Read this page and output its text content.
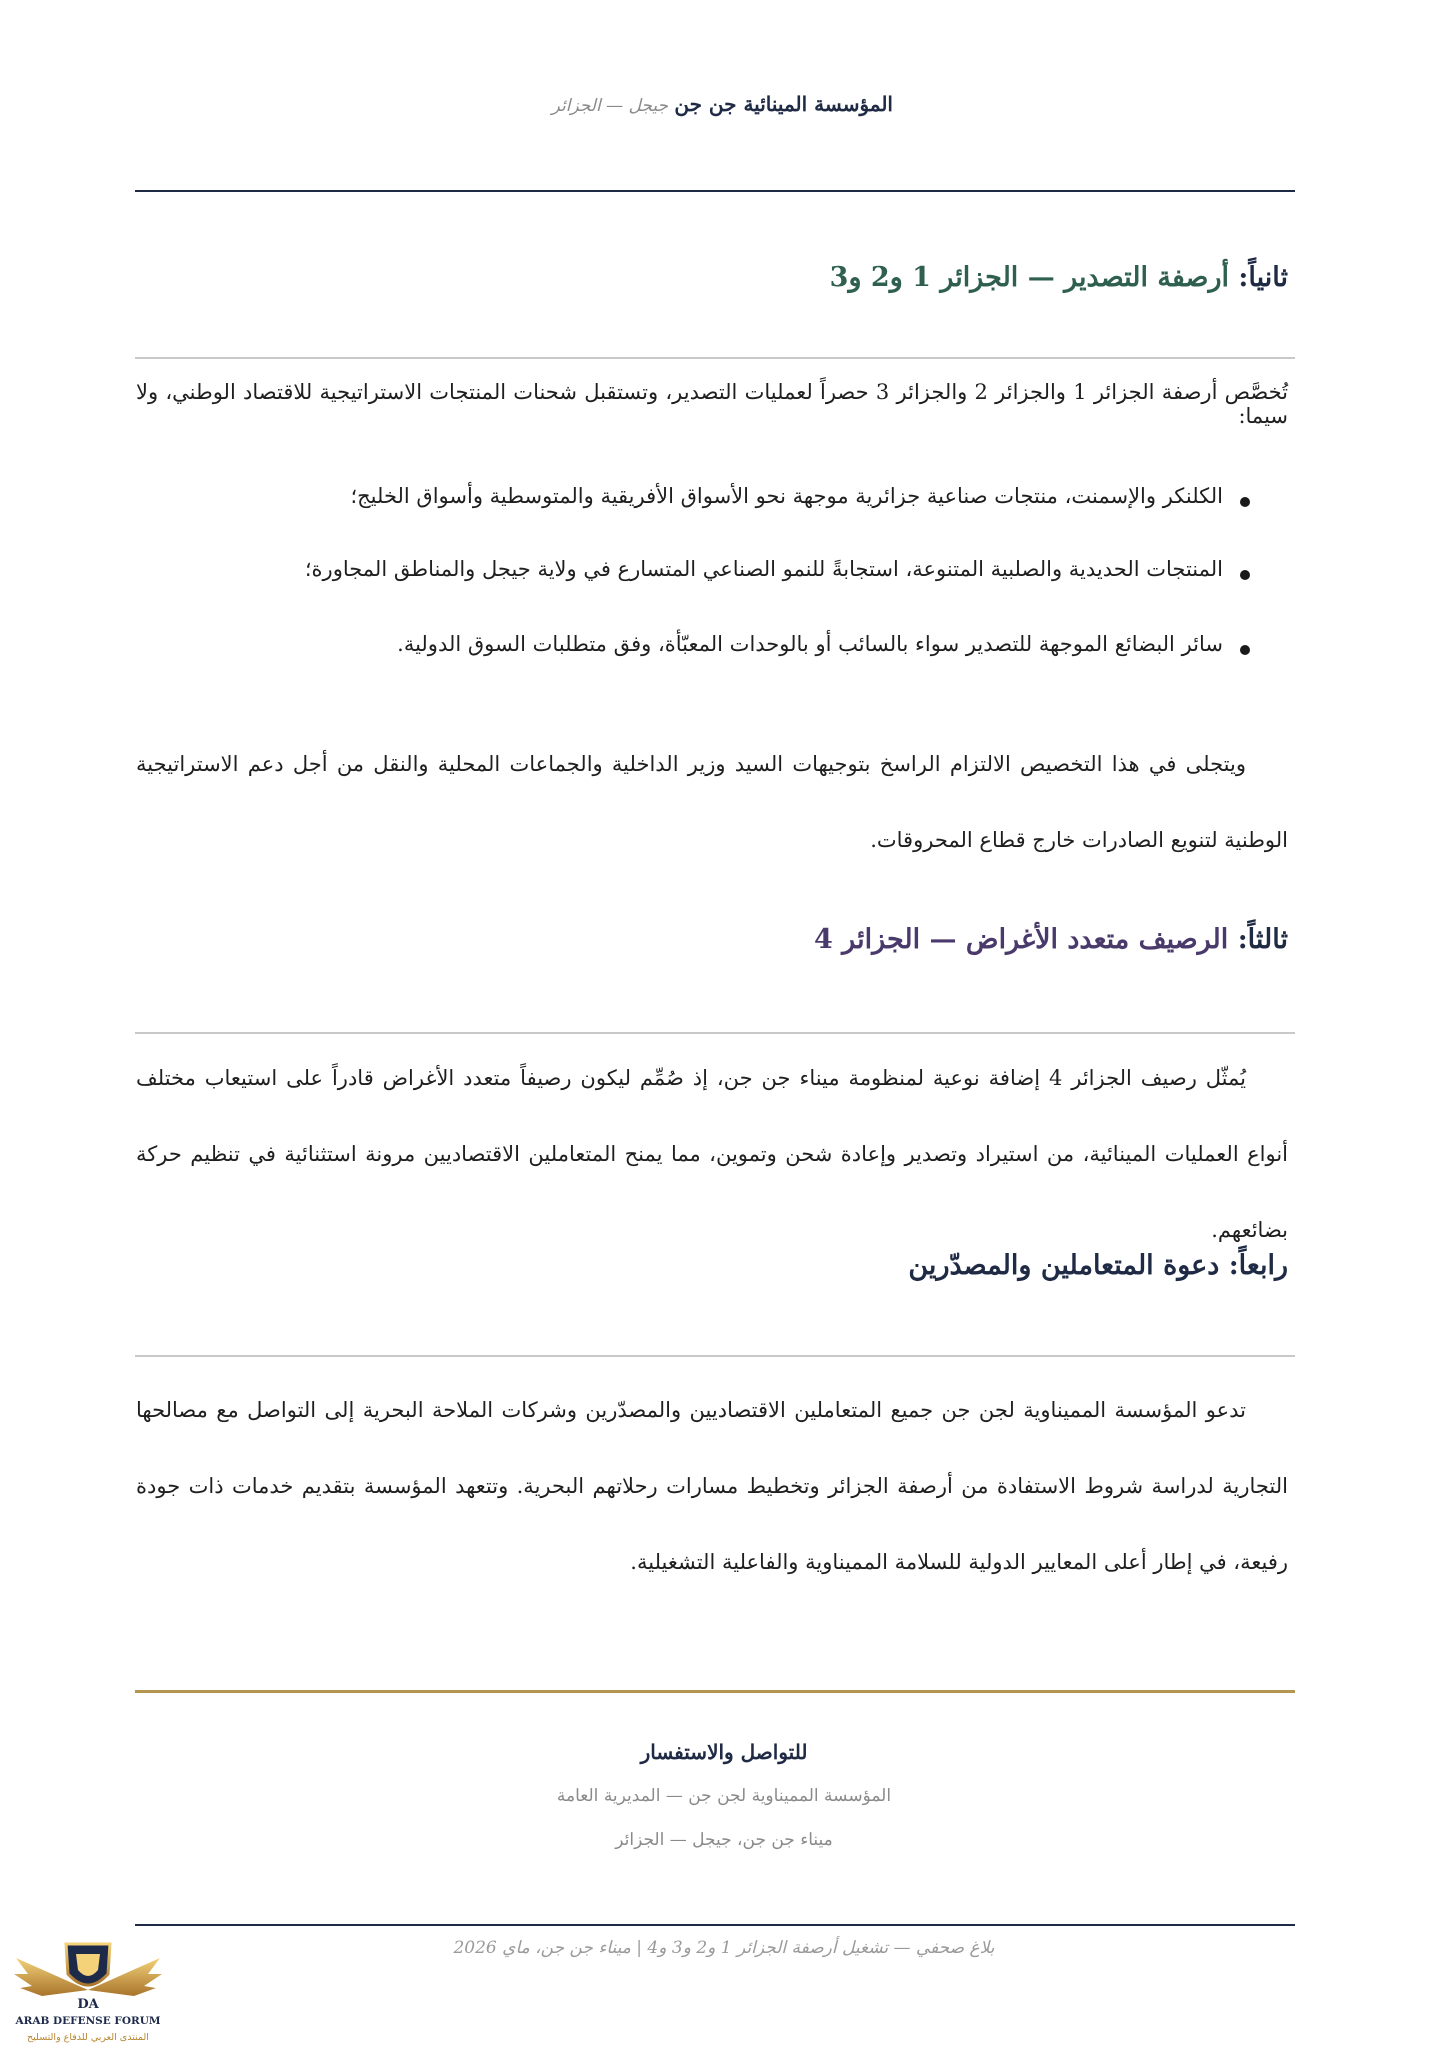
المؤسسة المينائية جن جن جيجل — الجزائر
ثانياً: أرصفة التصدير — الجزائر 1 و2 و3
تُخصَّص أرصفة الجزائر 1 والجزائر 2 والجزائر 3 حصراً لعمليات التصدير، وتستقبل شحنات المنتجات الاستراتيجية للاقتصاد الوطني، ولا سيما:
الكلنكر والإسمنت، منتجات صناعية جزائرية موجهة نحو الأسواق الأفريقية والمتوسطية وأسواق الخليج؛
المنتجات الحديدية والصلبية المتنوعة، استجابةً للنمو الصناعي المتسارع في ولاية جيجل والمناطق المجاورة؛
سائر البضائع الموجهة للتصدير سواء بالسائب أو بالوحدات المعبّأة، وفق متطلبات السوق الدولية.
ويتجلى في هذا التخصيص الالتزام الراسخ بتوجيهات السيد وزير الداخلية والجماعات المحلية والنقل من أجل دعم الاستراتيجية الوطنية لتنويع الصادرات خارج قطاع المحروقات.
ثالثاً: الرصيف متعدد الأغراض — الجزائر 4
يُمثّل رصيف الجزائر 4 إضافة نوعية لمنظومة ميناء جن جن، إذ صُمِّم ليكون رصيفاً متعدد الأغراض قادراً على استيعاب مختلف أنواع العمليات المينائية، من استيراد وتصدير وإعادة شحن وتموين، مما يمنح المتعاملين الاقتصاديين مرونة استثنائية في تنظيم حركة بضائعهم.
رابعاً: دعوة المتعاملين والمصدّرين
تدعو المؤسسة المميناوية لجن جن جميع المتعاملين الاقتصاديين والمصدّرين وشركات الملاحة البحرية إلى التواصل مع مصالحها التجارية لدراسة شروط الاستفادة من أرصفة الجزائر وتخطيط مسارات رحلاتهم البحرية. وتتعهد المؤسسة بتقديم خدمات ذات جودة رفيعة، في إطار أعلى المعايير الدولية للسلامة المميناوية والفاعلية التشغيلية.
للتواصل والاستفسار
المؤسسة المميناوية لجن جن — المديرية العامة
ميناء جن جن، جيجل — الجزائر
بلاغ صحفي — تشغيل أرصفة الجزائر 1 و2 و3 و4 | ميناء جن جن، ماي 2026
DA
ARAB DEFENSE FORUM
المنتدى العربي للدفاع والتسليح
